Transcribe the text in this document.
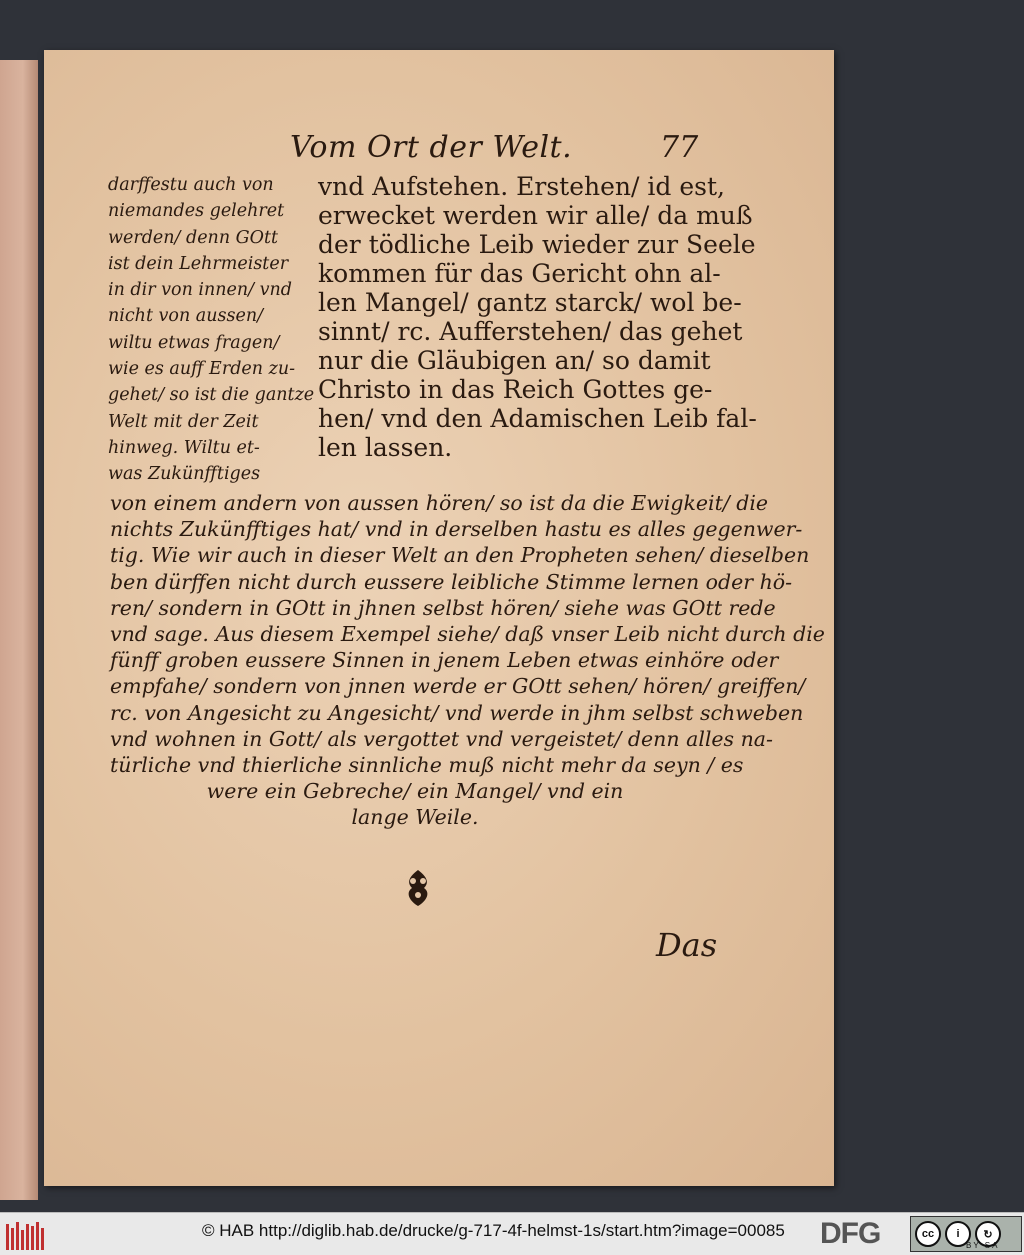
Vom Ort der Welt.	77
darffestu auch von
niemandes gelehret
werden/ denn GOtt
ist dein Lehrmeister
in dir von innen/ vnd
nicht von aussen/
wiltu etwas fragen/
wie es auff Erden zu-
gehet/ so ist die gantze
Welt mit der Zeit
hinweg. Wiltu et-
was Zukünfftiges
vnd Aufstehen. Erstehen/ id est,
erwecket werden wir alle/ da muß
der tödliche Leib wieder zur Seele
kommen für das Gericht ohn al-
len Mangel/ gantz starck/ wol be-
sinnt/ rc. Aufferstehen/ das gehet
nur die Gläubigen an/ so damit
Christo in das Reich Gottes ge-
hen/ vnd den Adamischen Leib fal-
len lassen.
von einem andern von aussen hören/ so ist da die Ewigkeit/ die
nichts Zukünfftiges hat/ vnd in derselben hastu es alles gegenwer-
tig. Wie wir auch in dieser Welt an den Propheten sehen/ dieselben
ben dürffen nicht durch eussere leibliche Stimme lernen oder hö-
ren/ sondern in GOtt in jhnen selbst hören/ siehe was GOtt rede
vnd sage. Aus diesem Exempel siehe/ daß vnser Leib nicht durch die
fünff groben eussere Sinnen in jenem Leben etwas einhöre oder
empfahe/ sondern von jnnen werde er GOtt sehen/ hören/ greiffen/
rc. von Angesicht zu Angesicht/ vnd werde in jhm selbst schweben
vnd wohnen in Gott/ als vergottet vnd vergeistet/ denn alles na-
türliche vnd thierliche sinnliche muß nicht mehr da seyn / es
were ein Gebreche/ ein Mangel/ vnd ein
lange Weile.
Das
© HAB http://diglib.hab.de/drucke/g-717-4f-helmst-1s/start.htm?image=00085 DFG	cc	i	↻
BY SA
